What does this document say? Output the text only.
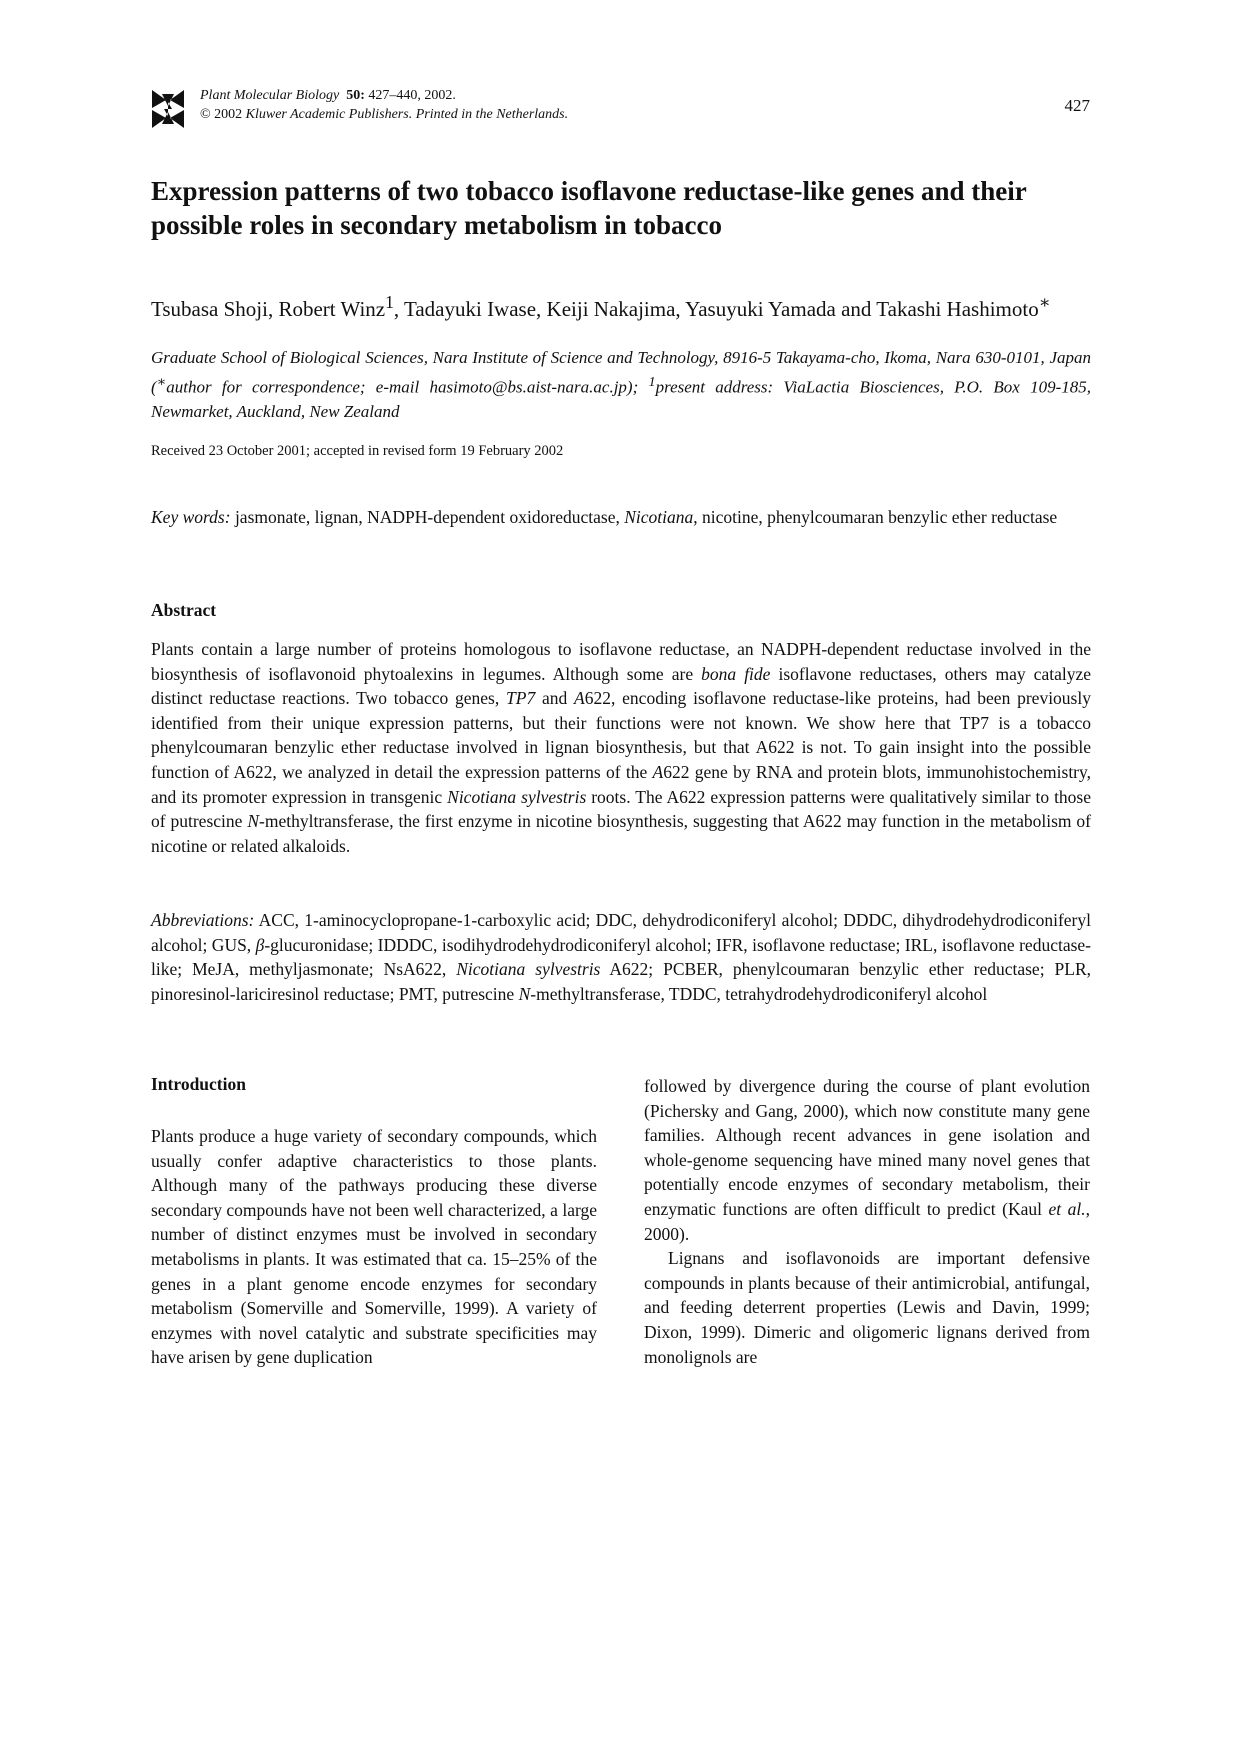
Plant Molecular Biology 50: 427–440, 2002.
© 2002 Kluwer Academic Publishers. Printed in the Netherlands.	427
Expression patterns of two tobacco isoflavone reductase-like genes and their possible roles in secondary metabolism in tobacco

Tsubasa Shoji, Robert Winz$^1$, Tadayuki Iwase, Keiji Nakajima, Yasuyuki Yamada and Takashi Hashimoto∗

Graduate School of Biological Sciences, Nara Institute of Science and Technology, 8916-5 Takayama-cho, Ikoma, Nara 630-0101, Japan (∗author for correspondence; e-mail hasimoto@bs.aist-nara.ac.jp); $^1$present address: ViaLactia Biosciences, P.O. Box 109-185, Newmarket, Auckland, New Zealand

Received 23 October 2001; accepted in revised form 19 February 2002

Key words: jasmonate, lignan, NADPH-dependent oxidoreductase, Nicotiana, nicotine, phenylcoumaran benzylic ether reductase

Abstract

Plants contain a large number of proteins homologous to isoflavone reductase, an NADPH-dependent reductase involved in the biosynthesis of isoflavonoid phytoalexins in legumes. Although some are bona fide isoflavone reductases, others may catalyze distinct reductase reactions. Two tobacco genes, TP7 and A622, encoding isoflavone reductase-like proteins, had been previously identified from their unique expression patterns, but their functions were not known. We show here that TP7 is a tobacco phenylcoumaran benzylic ether reductase involved in lignan biosynthesis, but that A622 is not. To gain insight into the possible function of A622, we analyzed in detail the expression patterns of the A622 gene by RNA and protein blots, immunohistochemistry, and its promoter expression in transgenic Nicotiana sylvestris roots. The A622 expression patterns were qualitatively similar to those of putrescine N-methyltransferase, the first enzyme in nicotine biosynthesis, suggesting that A622 may function in the metabolism of nicotine or related alkaloids.

Abbreviations: ACC, 1-aminocyclopropane-1-carboxylic acid; DDC, dehydrodiconiferyl alcohol; DDDC, dihydrodehydrodiconiferyl alcohol; GUS, β-glucuronidase; IDDDC, isodihydrodehydrodiconiferyl alcohol; IFR, isoflavone reductase; IRL, isoflavone reductase-like; MeJA, methyljasmonate; NsA622, Nicotiana sylvestris A622; PCBER, phenylcoumaran benzylic ether reductase; PLR, pinoresinol-lariciresinol reductase; PMT, putrescine N-methyltransferase, TDDC, tetrahydrodehydrodiconiferyl alcohol

Introduction

Plants produce a huge variety of secondary compounds, which usually confer adaptive characteristics to those plants. Although many of the pathways producing these diverse secondary compounds have not been well characterized, a large number of distinct enzymes must be involved in secondary metabolisms in plants. It was estimated that ca. 15–25% of the genes in a plant genome encode enzymes for secondary metabolism (Somerville and Somerville, 1999). A variety of enzymes with novel catalytic and substrate specificities may have arisen by gene duplication

followed by divergence during the course of plant evolution (Pichersky and Gang, 2000), which now constitute many gene families. Although recent advances in gene isolation and whole-genome sequencing have mined many novel genes that potentially encode enzymes of secondary metabolism, their enzymatic functions are often difficult to predict (Kaul et al., 2000).

Lignans and isoflavonoids are important defensive compounds in plants because of their antimicrobial, antifungal, and feeding deterrent properties (Lewis and Davin, 1999; Dixon, 1999). Dimeric and oligomeric lignans derived from monolignols are
